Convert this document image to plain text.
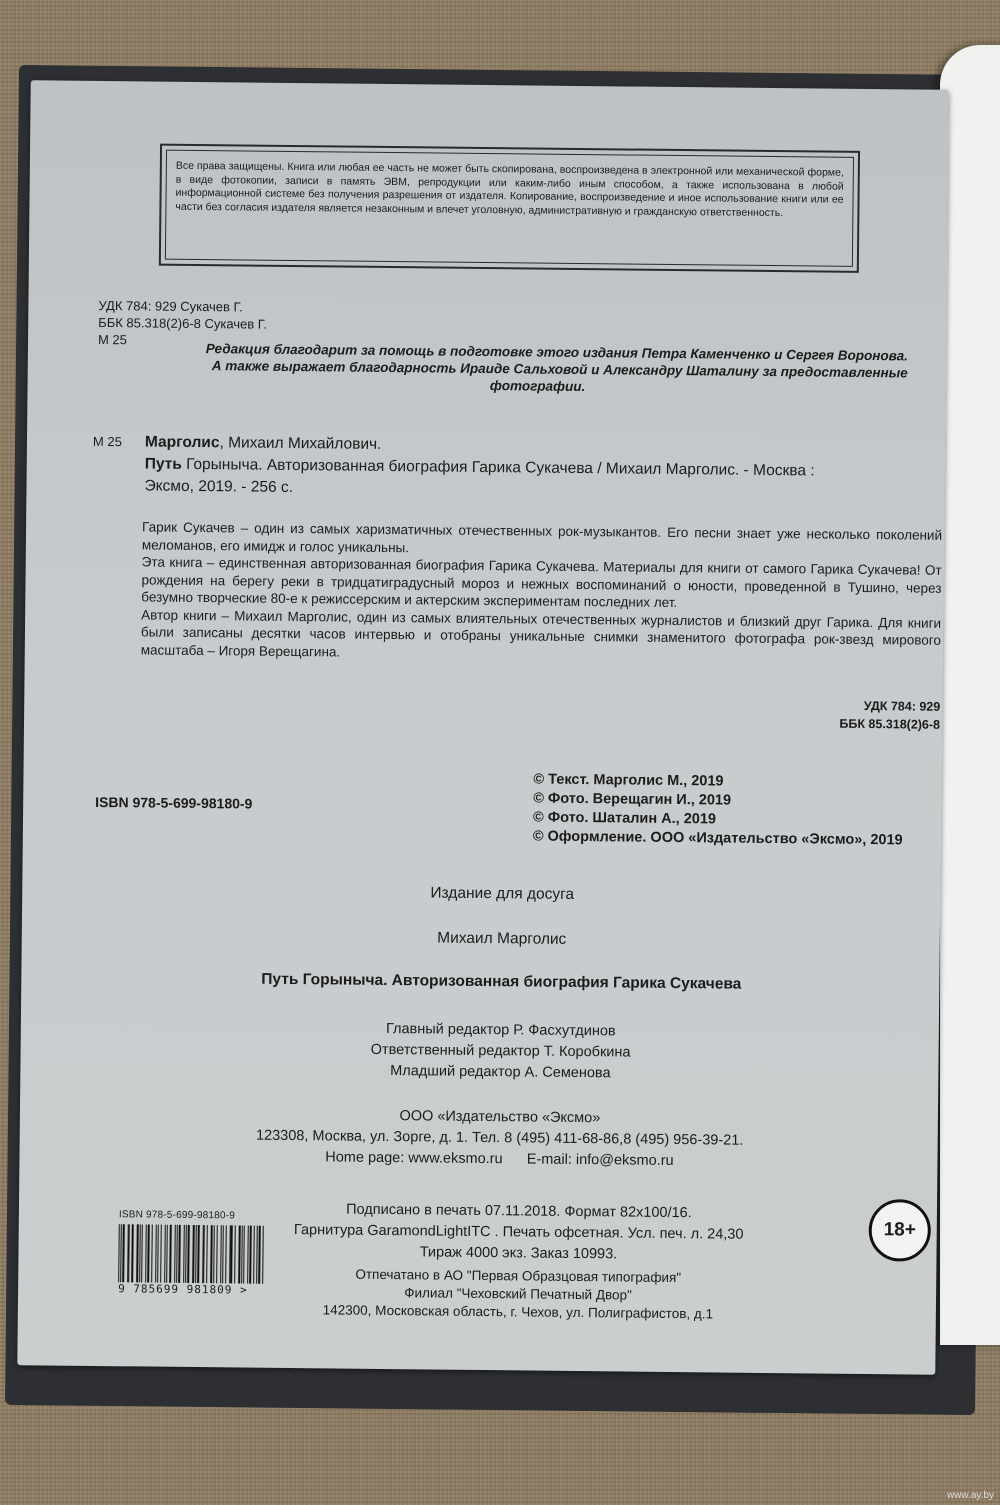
Все права защищены. Книга или любая ее часть не может быть скопирована, воспроизведена в электронной или механической форме, в виде фотокопии, записи в память ЭВМ, репродукции или каким-либо иным способом, а также использована в любой информационной системе без получения разрешения от издателя. Копирование, воспроизведение и иное использование книги или ее части без согласия издателя является незаконным и влечет уголовную, административную и гражданскую ответственность.
УДК 784: 929 Сукачев Г.
ББК 85.318(2)6-8 Сукачев Г.
М 25
Редакция благодарит за помощь в подготовке этого издания Петра Каменченко и Сергея Воронова.
А также выражает благодарность Ираиде Сальховой и Александру Шаталину за предоставленные
фотографии.
М 25 Марголис, Михаил Михайлович.
Путь Горыныча. Авторизованная биография Гарика Сукачева / Михаил Марголис. - Москва :
Эксмо, 2019. - 256 с.
Гарик Сукачев – один из самых харизматичных отечественных рок-музыкантов. Его песни знает уже несколько поколений меломанов, его имидж и голос уникальны.
Эта книга – единственная авторизованная биография Гарика Сукачева. Материалы для книги от самого Гарика Сукачева! От рождения на берегу реки в тридцатиградусный мороз и нежных воспоминаний о юности, проведенной в Тушино, через безумно творческие 80-е к режиссерским и актерским экспериментам последних лет.
Автор книги – Михаил Марголис, один из самых влиятельных отечественных журналистов и близкий друг Гарика. Для книги были записаны десятки часов интервью и отобраны уникальные снимки знаменитого фотографа рок-звезд мирового масштаба – Игоря Верещагина.
УДК 784: 929
ББК 85.318(2)6-8
ISBN 978-5-699-98180-9
© Текст. Марголис М., 2019
© Фото. Верещагин И., 2019
© Фото. Шаталин А., 2019
© Оформление. ООО «Издательство «Эксмо», 2019
Издание для досуга
Михаил Марголис
Путь Горыныча. Авторизованная биография Гарика Сукачева
Главный редактор Р. Фасхутдинов
Ответственный редактор Т. Коробкина
Младший редактор А. Семенова
ООО «Издательство «Эксмо»
123308, Москва, ул. Зорге, д. 1. Тел. 8 (495) 411-68-86,8 (495) 956-39-21.
Home page: www.eksmo.ru      E-mail: info@eksmo.ru
Подписано в печать 07.11.2018. Формат 82х100/16.
Гарнитура GaramondLightITC . Печать офсетная. Усл. печ. л. 24,30
Тираж 4000 экз. Заказ 10993.
Отпечатано в АО "Первая Образцовая типография"
Филиал "Чеховский Печатный Двор"
142300, Московская область, г. Чехов, ул. Полиграфистов, д.1
ISBN 978-5-699-98180-9
9 785699 981809 >
18+
www.ay.by
